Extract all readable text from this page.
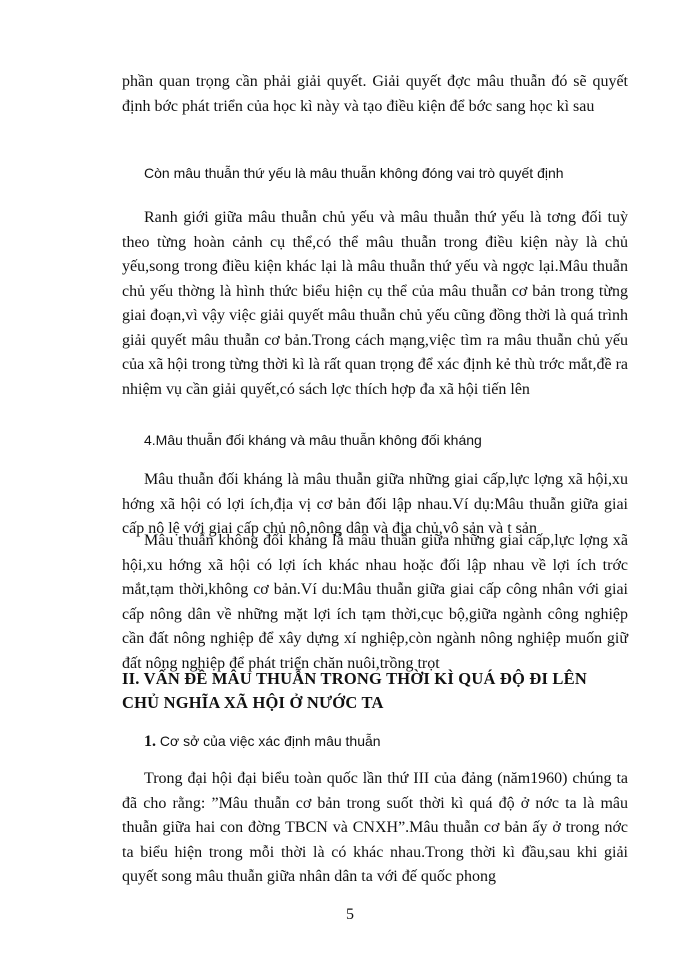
phần quan trọng cần phải giải quyết. Giải quyết đợc mâu thuẫn đó sẽ quyết định bớc phát triển của học kì này và tạo điều kiện để bớc sang học kì sau

Còn mâu thuẫn thứ yếu là mâu thuẫn không đóng vai trò quyết định

Ranh giới giữa mâu thuẫn chủ yếu và mâu thuẫn thứ yếu là tơng đối tuỳ theo từng hoàn cảnh cụ thể,có thể mâu thuẫn trong điều kiện này là chủ yếu,song trong điều kiện khác lại là mâu thuẫn thứ yếu và ngợc lại.Mâu thuẫn chủ yếu thờng là hình thức biểu hiện cụ thể của mâu thuẫn cơ bản trong từng giai đoạn,vì vậy việc giải quyết mâu thuẫn chủ yếu cũng đồng thời là quá trình giải quyết mâu thuẫn cơ bản.Trong cách mạng,việc tìm ra mâu thuẫn chủ yếu của xã hội trong từng thời kì là rất quan trọng để xác định kẻ thù trớc mắt,đề ra nhiệm vụ cần giải quyết,có sách lợc thích hợp đa xã hội tiến lên

4.Mâu thuẫn đối kháng và mâu thuẫn không đối kháng

Mâu thuẫn đối kháng là mâu thuẫn giữa những giai cấp,lực lợng xã hội,xu hớng xã hội có lợi ích,địa vị cơ bản đối lập nhau.Ví dụ:Mâu thuẫn giữa giai cấp nô lệ với giai cấp chủ nô,nông dân và địa chủ,vô sản và t sản

Mâu thuẫn không đối kháng là mâu thuẫn giữa những giai cấp,lực lợng xã hội,xu hớng xã hội có lợi ích khác nhau hoặc đối lập nhau về lợi ích trớc mắt,tạm thời,không cơ bản.Ví du:Mâu thuẫn giữa giai cấp công nhân với giai cấp nông dân về những mặt lợi ích tạm thời,cục bộ,giữa ngành công nghiệp cần đất nông nghiệp để xây dựng xí nghiệp,còn ngành nông nghiệp muốn giữ đất nông nghiệp để phát triển chăn nuôi,trồng trọt

II. VẤN ĐỀ MÂU THUẪN TRONG THỜI KÌ QUÁ ĐỘ ĐI LÊN CHỦ NGHĨA XÃ HỘI Ở NƯỚC TA

1. Cơ sở của việc xác định mâu thuẫn

Trong đại hội đại biểu toàn quốc lần thứ III của đảng (năm1960) chúng ta đã cho rằng: ”Mâu thuẫn cơ bản trong suốt thời kì quá độ ở nớc ta là mâu thuẫn giữa hai con đờng TBCN và CNXH”.Mâu thuẫn cơ bản ấy ở trong nớc ta biểu hiện trong mỗi thời là có khác nhau.Trong thời kì đầu,sau khi giải quyết song mâu thuẫn giữa nhân dân ta với đế quốc phong

5
